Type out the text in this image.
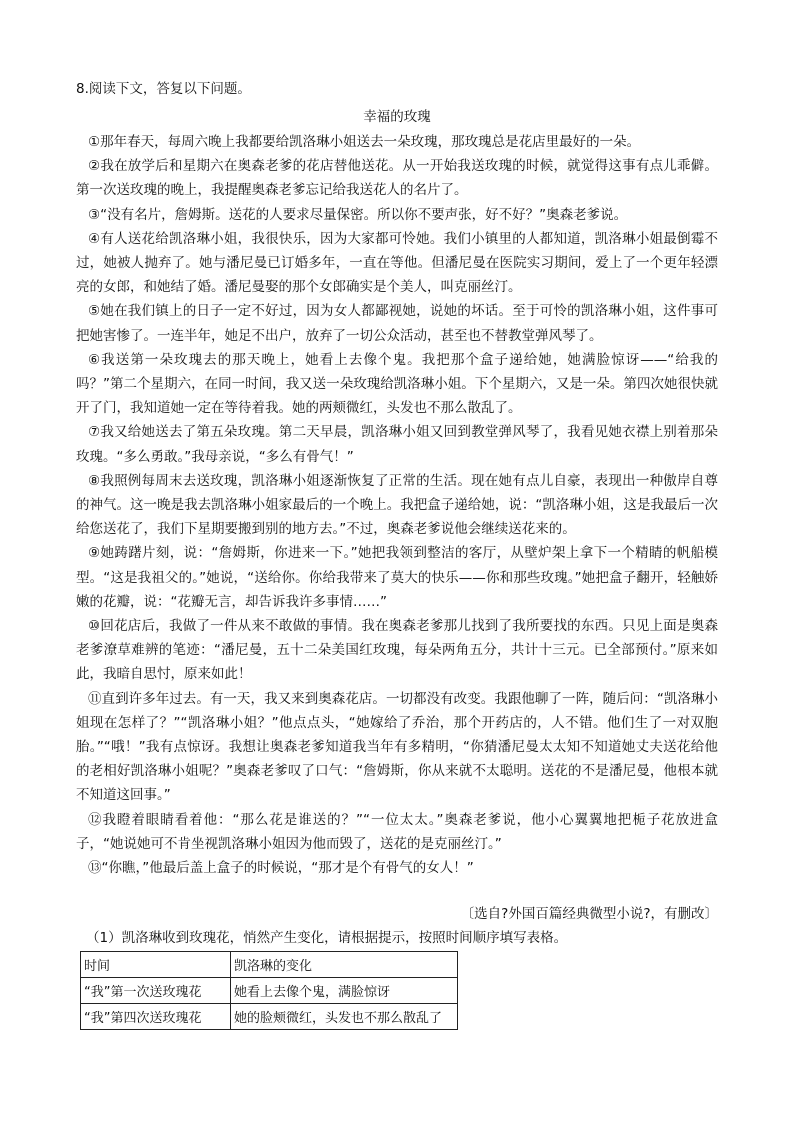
8.阅读下文，答复以下问题。
幸福的玫瑰

①那年春天，每周六晚上我都要给凯洛琳小姐送去一朵玫瑰，那玫瑰总是花店里最好的一朵。

②我在放学后和星期六在奥森老爹的花店替他送花。从一开始我送玫瑰的时候，就觉得这事有点儿乖僻。第一次送玫瑰的晚上，我提醒奥森老爹忘记给我送花人的名片了。

③“没有名片，詹姆斯。送花的人要求尽量保密。所以你不要声张，好不好？”奥森老爹说。

④有人送花给凯洛琳小姐，我很快乐，因为大家都可怜她。我们小镇里的人都知道，凯洛琳小姐最倒霉不过，她被人抛弃了。她与潘尼曼已订婚多年，一直在等他。但潘尼曼在医院实习期间，爱上了一个更年轻漂亮的女郎，和她结了婚。潘尼曼娶的那个女郎确实是个美人，叫克丽丝汀。

⑤她在我们镇上的日子一定不好过，因为女人都鄙视她，说她的坏话。至于可怜的凯洛琳小姐，这件事可把她害惨了。一连半年，她足不出户，放弃了一切公众活动，甚至也不替教堂弹风琴了。

⑥我送第一朵玫瑰去的那天晚上，她看上去像个鬼。我把那个盒子递给她，她满脸惊讶——“给我的吗？”第二个星期六，在同一时间，我又送一朵玫瑰给凯洛琳小姐。下个星期六，又是一朵。第四次她很快就开了门，我知道她一定在等待着我。她的两颊微红，头发也不那么散乱了。

⑦我又给她送去了第五朵玫瑰。第二天早晨，凯洛琳小姐又回到教堂弹风琴了，我看见她衣襟上别着那朵玫瑰。“多么勇敢。”我母亲说，“多么有骨气！”

⑧我照例每周末去送玫瑰，凯洛琳小姐逐渐恢复了正常的生活。现在她有点儿自豪，表现出一种傲岸自尊的神气。这一晚是我去凯洛琳小姐家最后的一个晚上。我把盒子递给她，说：“凯洛琳小姐，这是我最后一次给您送花了，我们下星期要搬到别的地方去。”不过，奥森老爹说他会继续送花来的。

⑨她踌躇片刻，说：“詹姆斯，你进来一下。”她把我领到整洁的客厅，从壁炉架上拿下一个精睛的帆船模型。“这是我祖父的。”她说，“送给你。你给我带来了莫大的快乐——你和那些玫瑰。”她把盒子翻开，轻触娇嫩的花瓣，说：“花瓣无言，却告诉我许多事情……”

⑩回花店后，我做了一件从来不敢做的事情。我在奥森老爹那儿找到了我所要找的东西。只见上面是奥森老爹潦草难辨的笔迹：“潘尼曼，五十二朵美国红玫瑰，每朵两角五分，共计十三元。已全部预付。”原来如此，我暗自思忖，原来如此！

⑪直到许多年过去。有一天，我又来到奥森花店。一切都没有改变。我跟他聊了一阵，随后问：“凯洛琳小姐现在怎样了？”“凯洛琳小姐？”他点点头，“她嫁给了乔治，那个开药店的，人不错。他们生了一对双胞胎。”“哦！”我有点惊讶。我想让奥森老爹知道我当年有多精明，“你猜潘尼曼太太知不知道她丈夫送花给他的老相好凯洛琳小姐呢？”奥森老爹叹了口气：“詹姆斯，你从来就不太聪明。送花的不是潘尼曼，他根本就不知道这回事。”

⑫我瞪着眼睛看着他：“那么花是谁送的？”“一位太太。”奥森老爹说，他小心翼翼地把栀子花放进盒子，“她说她可不肯坐视凯洛琳小姐因为他而毁了，送花的是克丽丝汀。”

⑬“你瞧，”他最后盖上盒子的时候说，“那才是个有骨气的女人！”

〔选自?外国百篇经典微型小说?，有删改〕
（1）凯洛琳收到玫瑰花，悄然产生变化，请根据提示，按照时间顺序填写表格。
时间	凯洛琳的变化
“我”第一次送玫瑰花	她看上去像个鬼，满脸惊讶
“我”第四次送玫瑰花	她的脸颊微红，头发也不那么散乱了
